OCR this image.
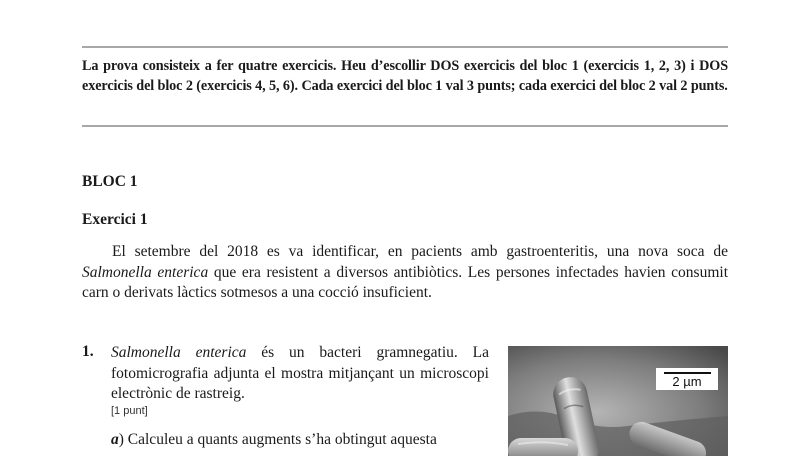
La prova consisteix a fer quatre exercicis. Heu d’escollir DOS exercicis del bloc 1 (exercicis 1, 2, 3) i DOS exercicis del bloc 2 (exercicis 4, 5, 6). Cada exercici del bloc 1 val 3 punts; cada exercici del bloc 2 val 2 punts.
BLOC 1
Exercici 1
El setembre del 2018 es va identificar, en pacients amb gastroenteritis, una nova soca de Salmonella enterica que era resistent a diversos antibiòtics. Les persones infectades havien consumit carn o derivats làctics sotmesos a una cocció insuficient.
1. Salmonella enterica és un bacteri gramnegatiu. La fotomicrografia adjunta el mostra mitjançant un microscopi electrònic de rastreig.
[1 punt]
a) Calculeu a quants augments s’ha obtingut aquesta
2 µm
